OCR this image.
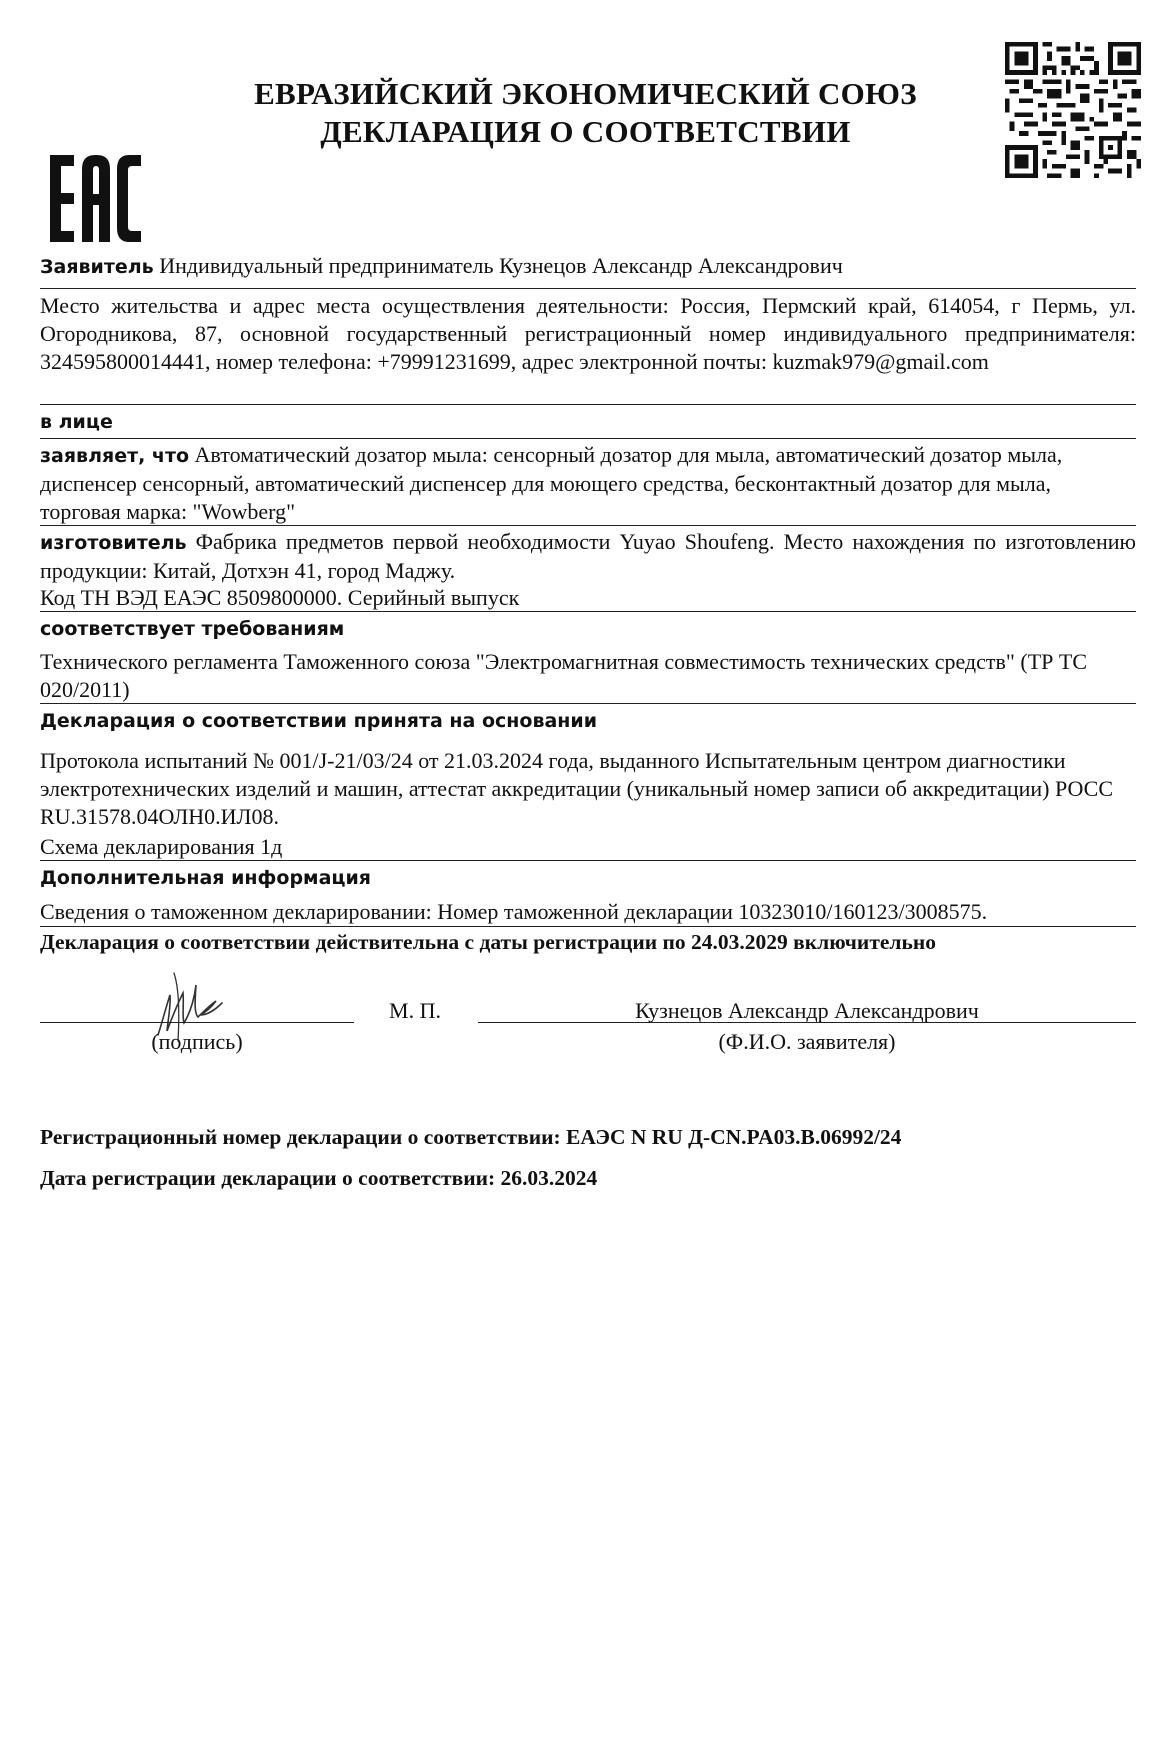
ЕВРАЗИЙСКИЙ ЭКОНОМИЧЕСКИЙ СОЮЗ
ДЕКЛАРАЦИЯ О СООТВЕТСТВИИ
Заявитель Индивидуальный предприниматель Кузнецов Александр Александрович
Место жительства и адрес места осуществления деятельности: Россия, Пермский край, 614054, г Пермь, ул. Огородникова, 87, основной государственный регистрационный номер индивидуального предпринимателя: 324595800014441, номер телефона: +79991231699, адрес электронной почты: kuzmak979@gmail.com
в лице
заявляет, что Автоматический дозатор мыла: сенсорный дозатор для мыла, автоматический дозатор мыла, диспенсер сенсорный, автоматический диспенсер для моющего средства, бесконтактный дозатор для мыла, торговая марка: "Wowberg"
изготовитель Фабрика предметов первой необходимости Yuyao Shoufeng. Место нахождения по изготовлению продукции: Китай, Дотхэн 41, город Маджу.
Код ТН ВЭД ЕАЭС 8509800000. Серийный выпуск
соответствует требованиям
Технического регламента Таможенного союза "Электромагнитная совместимость технических средств" (ТР ТС 020/2011)
Декларация о соответствии принята на основании
Протокола испытаний № 001/J-21/03/24 от 21.03.2024 года, выданного Испытательным центром диагностики электротехнических изделий и машин, аттестат аккредитации (уникальный номер записи об аккредитации) РОСС RU.31578.04ОЛН0.ИЛ08.
Схема декларирования 1д
Дополнительная информация
Сведения о таможенном декларировании: Номер таможенной декларации 10323010/160123/3008575.
Декларация о соответствии действительна с даты регистрации по 24.03.2029 включительно
(подпись)
М. П.	Кузнецов Александр Александрович
(Ф.И.О. заявителя)
Регистрационный номер декларации о соответствии: ЕАЭС N RU Д-CN.PA03.B.06992/24
Дата регистрации декларации о соответствии: 26.03.2024
